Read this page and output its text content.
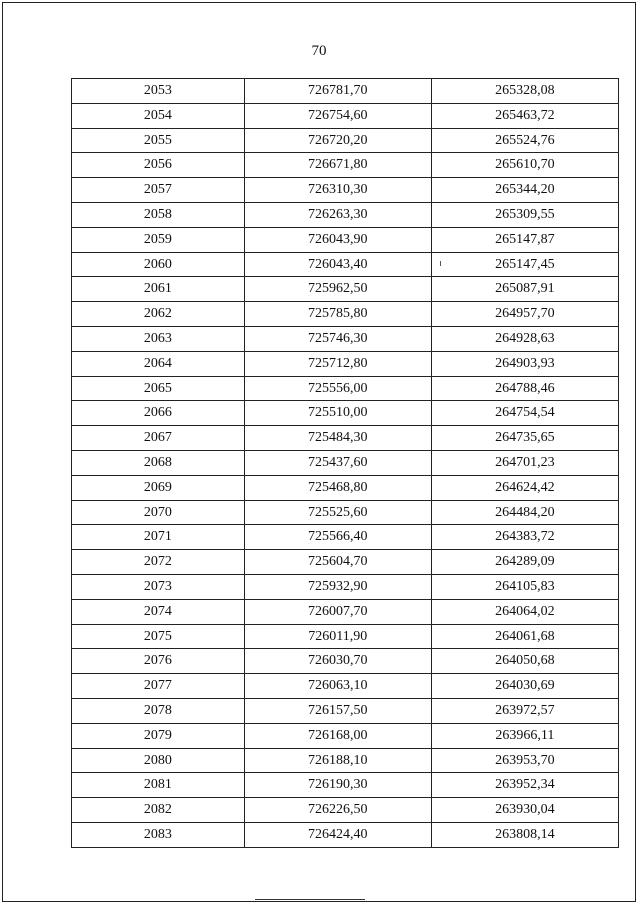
70
2053	726781,70	265328,08
2054	726754,60	265463,72
2055	726720,20	265524,76
2056	726671,80	265610,70
2057	726310,30	265344,20
2058	726263,30	265309,55
2059	726043,90	265147,87
2060	726043,40	265147,45
2061	725962,50	265087,91
2062	725785,80	264957,70
2063	725746,30	264928,63
2064	725712,80	264903,93
2065	725556,00	264788,46
2066	725510,00	264754,54
2067	725484,30	264735,65
2068	725437,60	264701,23
2069	725468,80	264624,42
2070	725525,60	264484,20
2071	725566,40	264383,72
2072	725604,70	264289,09
2073	725932,90	264105,83
2074	726007,70	264064,02
2075	726011,90	264061,68
2076	726030,70	264050,68
2077	726063,10	264030,69
2078	726157,50	263972,57
2079	726168,00	263966,11
2080	726188,10	263953,70
2081	726190,30	263952,34
2082	726226,50	263930,04
2083	726424,40	263808,14
